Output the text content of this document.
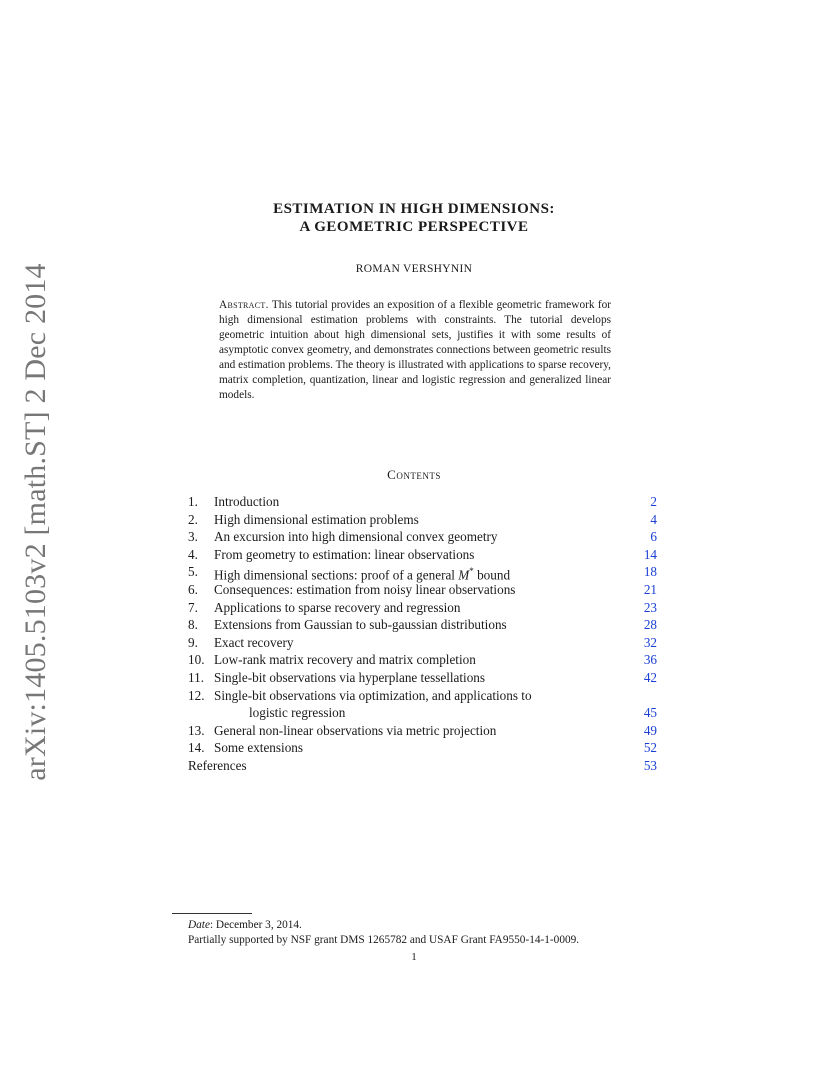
arXiv:1405.5103v2 [math.ST] 2 Dec 2014
ESTIMATION IN HIGH DIMENSIONS:
A GEOMETRIC PERSPECTIVE
ROMAN VERSHYNIN
Abstract. This tutorial provides an exposition of a flexible geometric framework for high dimensional estimation problems with constraints. The tutorial develops geometric intuition about high dimensional sets, justifies it with some results of asymptotic convex geometry, and demonstrates connections between geometric results and estimation problems. The theory is illustrated with applications to sparse recovery, matrix completion, quantization, linear and logistic regression and generalized linear models.
Contents
1. Introduction	2
2. High dimensional estimation problems	4
3. An excursion into high dimensional convex geometry	6
4. From geometry to estimation: linear observations	14
5. High dimensional sections: proof of a general M* bound	18
6. Consequences: estimation from noisy linear observations	21
7. Applications to sparse recovery and regression	23
8. Extensions from Gaussian to sub-gaussian distributions	28
9. Exact recovery	32
10. Low-rank matrix recovery and matrix completion	36
11. Single-bit observations via hyperplane tessellations	42
12. Single-bit observations via optimization, and applications to
logistic regression	45
13. General non-linear observations via metric projection	49
14. Some extensions	52
References	53
Date: December 3, 2014.
Partially supported by NSF grant DMS 1265782 and USAF Grant FA9550-14-1-0009.
1
